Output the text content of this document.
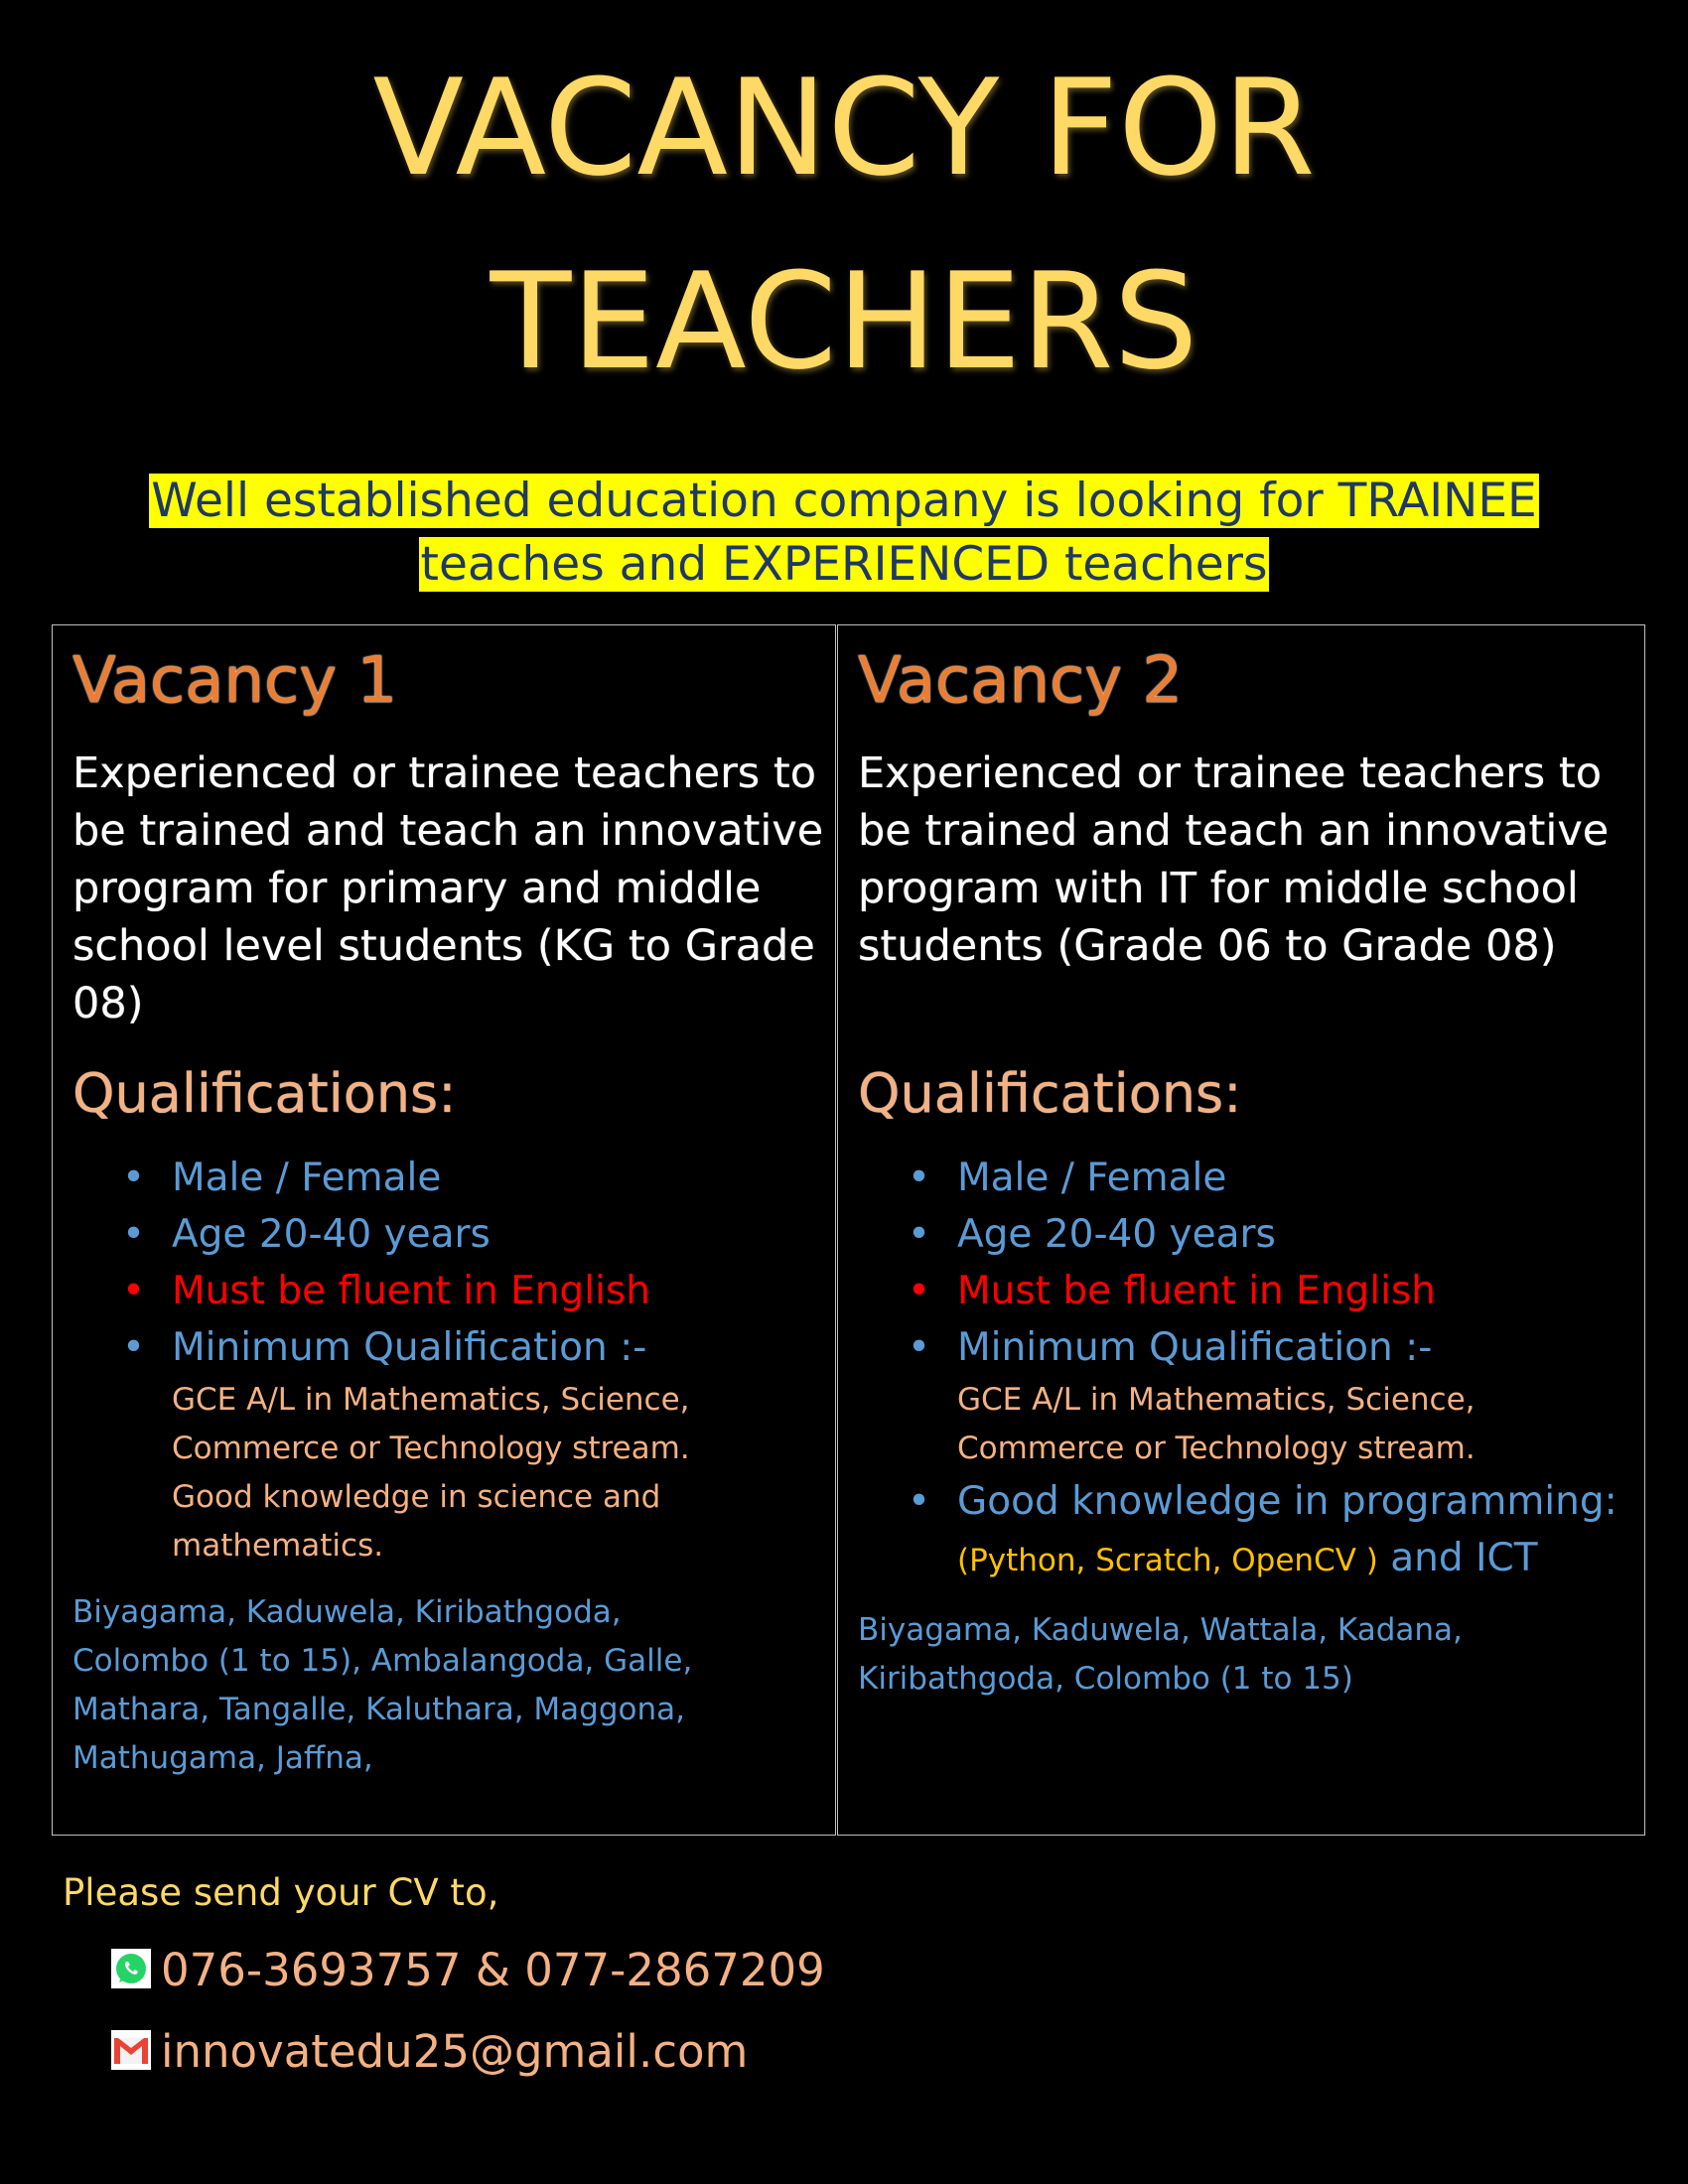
VACANCY FOR
TEACHERS
Well established education company is looking for TRAINEE
teaches and EXPERIENCED teachers
Vacancy 1
Experienced or trainee teachers to be trained and teach an innovative program for primary and middle school level students (KG to Grade 08)
Qualifications:
• Male / Female
• Age 20-40 years
• Must be fluent in English
• Minimum Qualification :-
GCE A/L in Mathematics, Science,
Commerce or Technology stream.
Good knowledge in science and
mathematics.
Biyagama, Kaduwela, Kiribathgoda,
Colombo (1 to 15), Ambalangoda, Galle,
Mathara, Tangalle, Kaluthara, Maggona,
Mathugama, Jaffna,
Vacancy 2
Experienced or trainee teachers to be trained and teach an innovative program with IT for middle school students (Grade 06 to Grade 08)
Qualifications:
• Male / Female
• Age 20-40 years
• Must be fluent in English
• Minimum Qualification :-
GCE A/L in Mathematics, Science,
Commerce or Technology stream.
• Good knowledge in programming:
(Python, Scratch, OpenCV ) and ICT
Biyagama, Kaduwela, Wattala, Kadana,
Kiribathgoda, Colombo (1 to 15)
Please send your CV to,
076-3693757 & 077-2867209
innovatedu25@gmail.com
